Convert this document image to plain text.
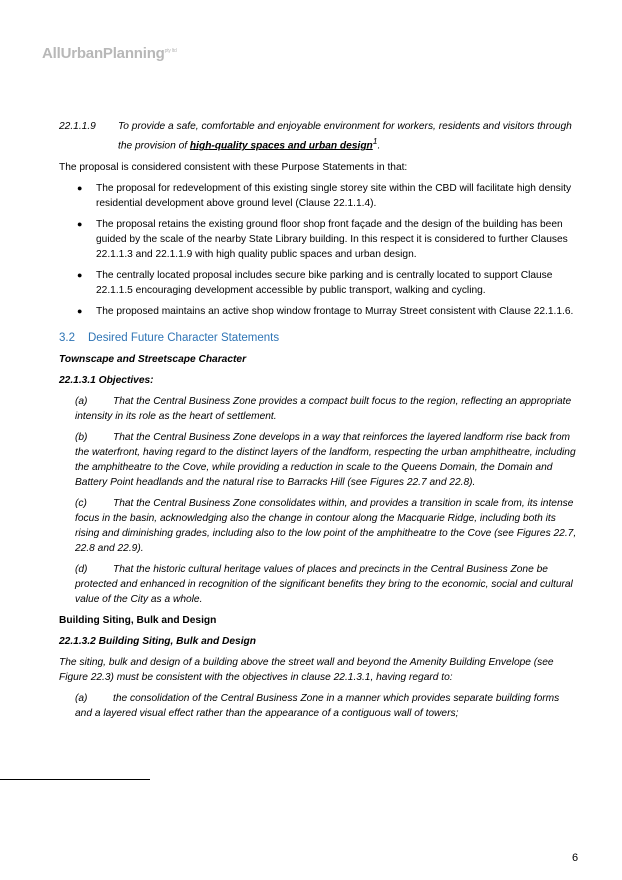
AllUrbanPlanning$^{pty ltd}$
22.1.1.9	To provide a safe, comfortable and enjoyable environment for workers, residents and visitors through the provision of high-quality spaces and urban design$^1$.

The proposal is considered consistent with these Purpose Statements in that:

● The proposal for redevelopment of this existing single storey site within the CBD will facilitate high density residential development above ground level (Clause 22.1.1.4).
● The proposal retains the existing ground floor shop front façade and the design of the building has been guided by the scale of the nearby State Library building. In this respect it is considered to further Clauses 22.1.1.3 and 22.1.1.9 with high quality public spaces and urban design.
● The centrally located proposal includes secure bike parking and is centrally located to support Clause 22.1.1.5 encouraging development accessible by public transport, walking and cycling.
● The proposed maintains an active shop window frontage to Murray Street consistent with Clause 22.1.1.6.
3.2	Desired Future Character Statements

Townscape and Streetscape Character

22.1.3.1 Objectives:

(a)	That the Central Business Zone provides a compact built focus to the region, reflecting an appropriate intensity in its role as the heart of settlement.

(b)	That the Central Business Zone develops in a way that reinforces the layered landform rise back from the waterfront, having regard to the distinct layers of the landform, respecting the urban amphitheatre, including the amphitheatre to the Cove, while providing a reduction in scale to the Queens Domain, the Domain and Battery Point headlands and the natural rise to Barracks Hill (see Figures 22.7 and 22.8).

(c)	That the Central Business Zone consolidates within, and provides a transition in scale from, its intense focus in the basin, acknowledging also the change in contour along the Macquarie Ridge, including both its rising and diminishing grades, including also to the low point of the amphitheatre to the Cove (see Figures 22.7, 22.8 and 22.9).

(d)	That the historic cultural heritage values of places and precincts in the Central Business Zone be protected and enhanced in recognition of the significant benefits they bring to the economic, social and cultural value of the City as a whole.

Building Siting, Bulk and Design

22.1.3.2 Building Siting, Bulk and Design

The siting, bulk and design of a building above the street wall and beyond the Amenity Building Envelope (see Figure 22.3) must be consistent with the objectives in clause 22.1.3.1, having regard to:

(a)	the consolidation of the Central Business Zone in a manner which provides separate building forms and a layered visual effect rather than the appearance of a contiguous wall of towers;

6
